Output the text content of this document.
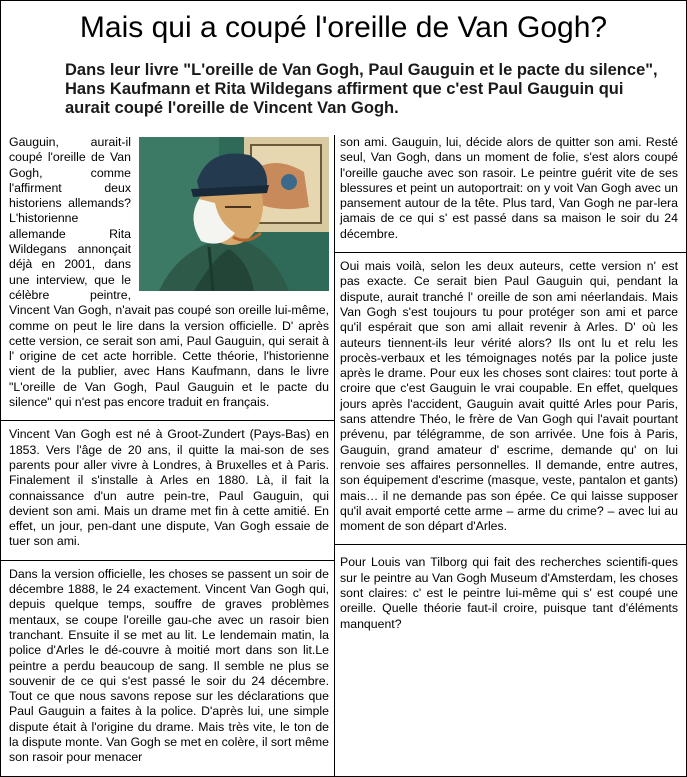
Mais qui a coupé l'oreille de Van Gogh?
Dans leur livre "L'oreille de Van Gogh, Paul Gauguin et le pacte du silence", Hans Kaufmann et Rita Wildegans affirment que c'est Paul Gauguin qui aurait coupé l'oreille de Vincent Van Gogh.

Gauguin, aurait-il coupé l'oreille de Van Gogh, comme l'affirment deux historiens allemands? L'historienne allemande Rita Wildegans annonçait déjà en 2001, dans une interview, que le célèbre peintre, Vincent Van Gogh, n'avait pas coupé son oreille lui-même, comme on peut le lire dans la version officielle. D' après cette version, ce serait son ami, Paul Gauguin, qui serait à l' origine de cet acte horrible. Cette théorie, l'historienne vient de la publier, avec Hans Kaufmann, dans le livre "L'oreille de Van Gogh, Paul Gauguin et le pacte du silence" qui n'est pas encore traduit en français.

Vincent Van Gogh est né à Groot-Zundert (Pays-Bas) en 1853. Vers l'âge de 20 ans, il quitte la mai-son de ses parents pour aller vivre à Londres, à Bruxelles et à Paris. Finalement il s'installe à Arles en 1880. Là, il fait la connaissance d'un autre pein-tre, Paul Gauguin, qui devient son ami. Mais un drame met fin à cette amitié. En effet, un jour, pen-dant une dispute, Van Gogh essaie de tuer son ami.

Dans la version officielle, les choses se passent un soir de décembre 1888, le 24 exactement. Vincent Van Gogh qui, depuis quelque temps, souffre de graves problèmes mentaux, se coupe l'oreille gau-che avec un rasoir bien tranchant. Ensuite il se met au lit. Le lendemain matin, la police d'Arles le dé-couvre à moitié mort dans son lit.Le peintre a perdu beaucoup de sang. Il semble ne plus se souvenir de ce qui s'est passé le soir du 24 décembre. Tout ce que nous savons repose sur les déclarations que Paul Gauguin a faites à la police. D'après lui, une simple dispute était à l'origine du drame. Mais très vite, le ton de la dispute monte. Van Gogh se met en colère, il sort même son rasoir pour menacer

son ami. Gauguin, lui, décide alors de quitter son ami. Resté seul, Van Gogh, dans un moment de folie, s'est alors coupé l'oreille gauche avec son rasoir. Le peintre guérit vite de ses blessures et peint un autoportrait: on y voit Van Gogh avec un pansement autour de la tête. Plus tard, Van Gogh ne par-lera jamais de ce qui s' est passé dans sa maison le soir du 24 décembre.

Oui mais voilà, selon les deux auteurs, cette version n' est pas exacte. Ce serait bien Paul Gauguin qui, pendant la dispute, aurait tranché l' oreille de son ami néerlandais. Mais Van Gogh s'est toujours tu pour protéger son ami et parce qu'il espérait que son ami allait revenir à Arles. D' où les auteurs tiennent-ils leur vérité alors? Ils ont lu et relu les procès-verbaux et les témoignages notés par la police juste après le drame. Pour eux les choses sont claires: tout porte à croire que c'est Gauguin le vrai coupable. En effet, quelques jours après l'accident, Gauguin avait quitté Arles pour Paris, sans attendre Théo, le frère de Van Gogh qui l'avait pourtant prévenu, par télégramme, de son arrivée. Une fois à Paris, Gauguin, grand amateur d' escrime, demande qu' on lui renvoie ses affaires personnelles. Il demande, entre autres, son équipement d'escrime (masque, veste, pantalon et gants) mais… il ne demande pas son épée. Ce qui laisse supposer qu'il avait emporté cette arme – arme du crime? – avec lui au moment de son départ d'Arles.

Pour Louis van Tilborg qui fait des recherches scientifi-ques sur le peintre au Van Gogh Museum d'Amsterdam, les choses sont claires: c' est le peintre lui-même qui s' est coupé une oreille. Quelle théorie faut-il croire, puisque tant d'éléments manquent?
